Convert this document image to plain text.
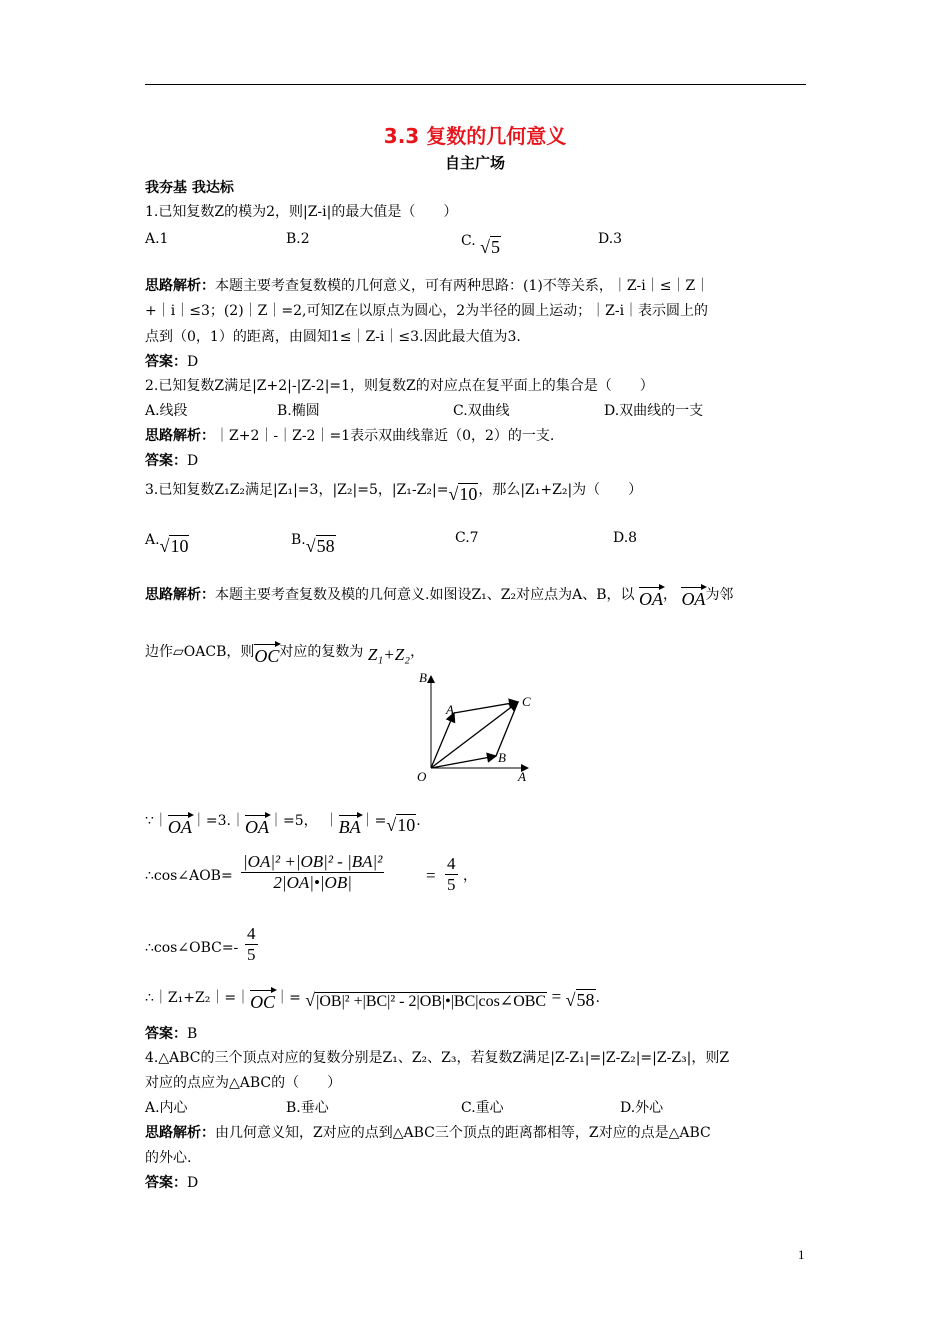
3.3 复数的几何意义
自主广场
我夯基 我达标
1.已知复数Z的模为2，则|Z-i|的最大值是（　　）
A.1	B.2	C. √5	D.3
思路解析：本题主要考查复数模的几何意义，可有两种思路：(1)不等关系，｜Z-i｜≤｜Z｜
+｜i｜≤3；(2)｜Z｜=2,可知Z在以原点为圆心，2为半径的圆上运动；｜Z-i｜表示圆上的
点到（0，1）的距离，由圆知1≤｜Z-i｜≤3.因此最大值为3.
答案：D
2.已知复数Z满足|Z+2|-|Z-2|=1，则复数Z的对应点在复平面上的集合是（　　）
A.线段	B.椭圆	C.双曲线	D.双曲线的一支
思路解析：｜Z+2｜-｜Z-2｜=1表示双曲线靠近（0，2）的一支.
答案：D
3.已知复数Z₁Z₂满足|Z₁|=3，|Z₂|=5，|Z₁-Z₂|=√10，那么|Z₁+Z₂|为（　　）
A.√10	B.√58	C.7	D.8
思路解析：本题主要考查复数及模的几何意义.如图设Z₁、Z₂对应点为A、B，以 OA， OA为邻
边作▱OACB，则OC对应的复数为 Z₁+Z₂，
B
A
C
B
O	A
∵｜OA｜=3.｜OA｜=5，　｜BA｜=√10.
∴cos∠AOB= $\frac{\text{|OA|² +|OB|² - |BA|²}}{2|OA|•|OB|} = \frac{4}{5}$ ，
∴cos∠OBC=- $\frac{4}{5}$
∴｜Z₁+Z₂｜=｜OC｜= √|OB|² +|BC|² - 2|OB|•|BC|cos∠OBC = √58.
答案：B
4.△ABC的三个顶点对应的复数分别是Z₁、Z₂、Z₃，若复数Z满足|Z-Z₁|=|Z-Z₂|=|Z-Z₃|，则Z
对应的点应为△ABC的（　　）
A.内心	B.垂心	C.重心	D.外心
思路解析：由几何意义知，Z对应的点到△ABC三个顶点的距离都相等，Z对应的点是△ABC
的外心.
答案：D
1
